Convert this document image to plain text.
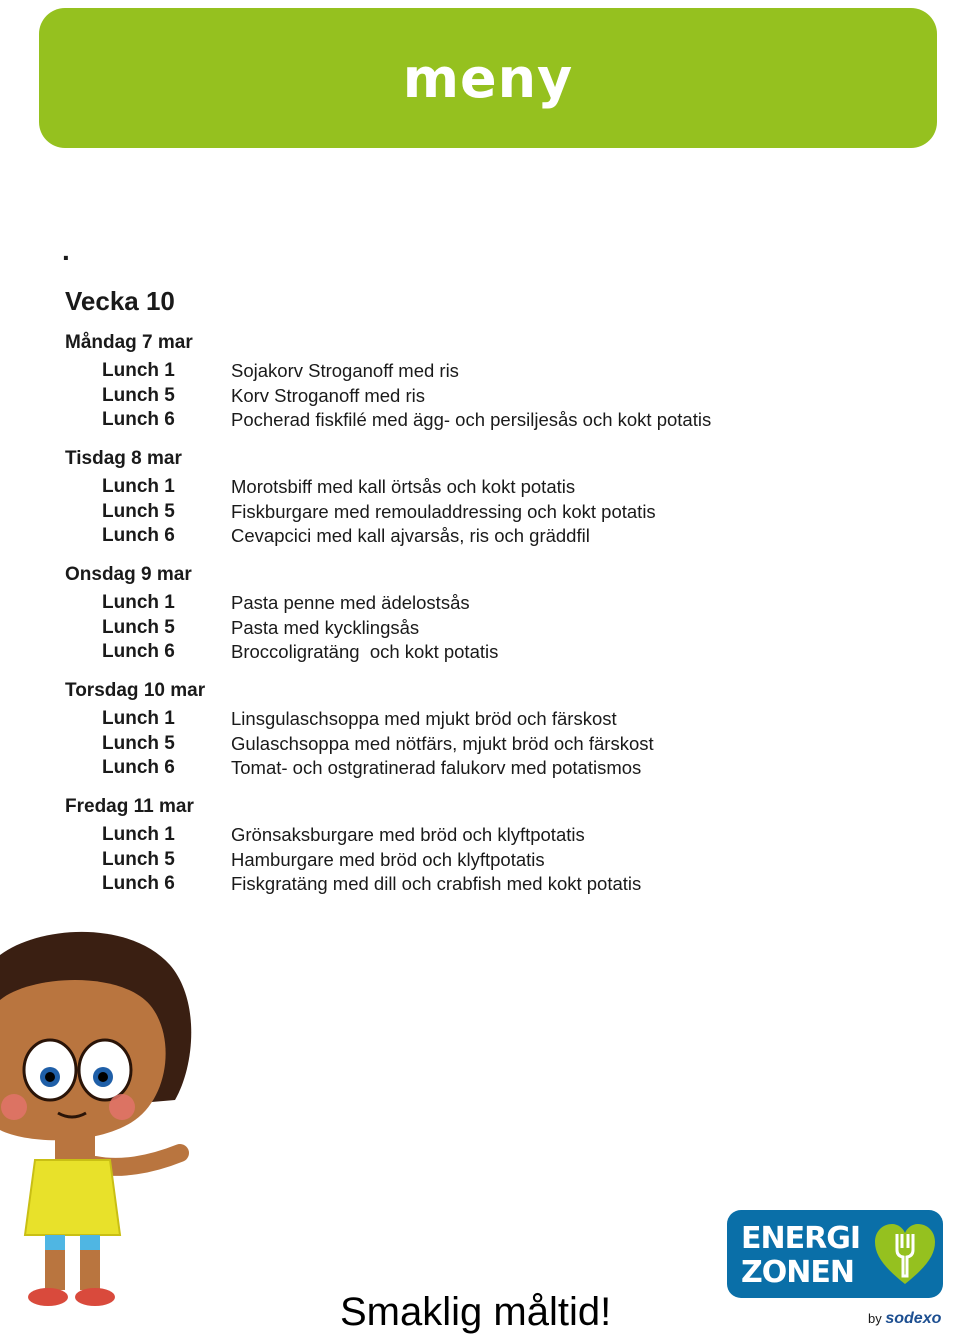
meny
.
Vecka 10
Måndag 7 mar
Lunch 1	Sojakorv Stroganoff med ris
Lunch 5	Korv Stroganoff med ris
Lunch 6	Pocherad fiskfilé med ägg- och persiljesås och kokt potatis
Tisdag 8 mar
Lunch 1	Morotsbiff med kall örtsås och kokt potatis
Lunch 5	Fiskburgare med remouladdressing och kokt potatis
Lunch 6	Cevapcici med kall ajvarsås, ris och gräddfil
Onsdag 9 mar
Lunch 1	Pasta penne med ädelostsås
Lunch 5	Pasta med kycklingsås
Lunch 6	Broccoligratäng  och kokt potatis
Torsdag 10 mar
Lunch 1	Linsgulaschsoppa med mjukt bröd och färskost
Lunch 5	Gulaschsoppa med nötfärs, mjukt bröd och färskost
Lunch 6	Tomat- och ostgratinerad falukorv med potatismos
Fredag 11 mar
Lunch 1	Grönsaksburgare med bröd och klyftpotatis
Lunch 5	Hamburgare med bröd och klyftpotatis
Lunch 6	Fiskgratäng med dill och crabfish med kokt potatis
ENERGI
ZONEN
by sodexo
Smaklig måltid!
